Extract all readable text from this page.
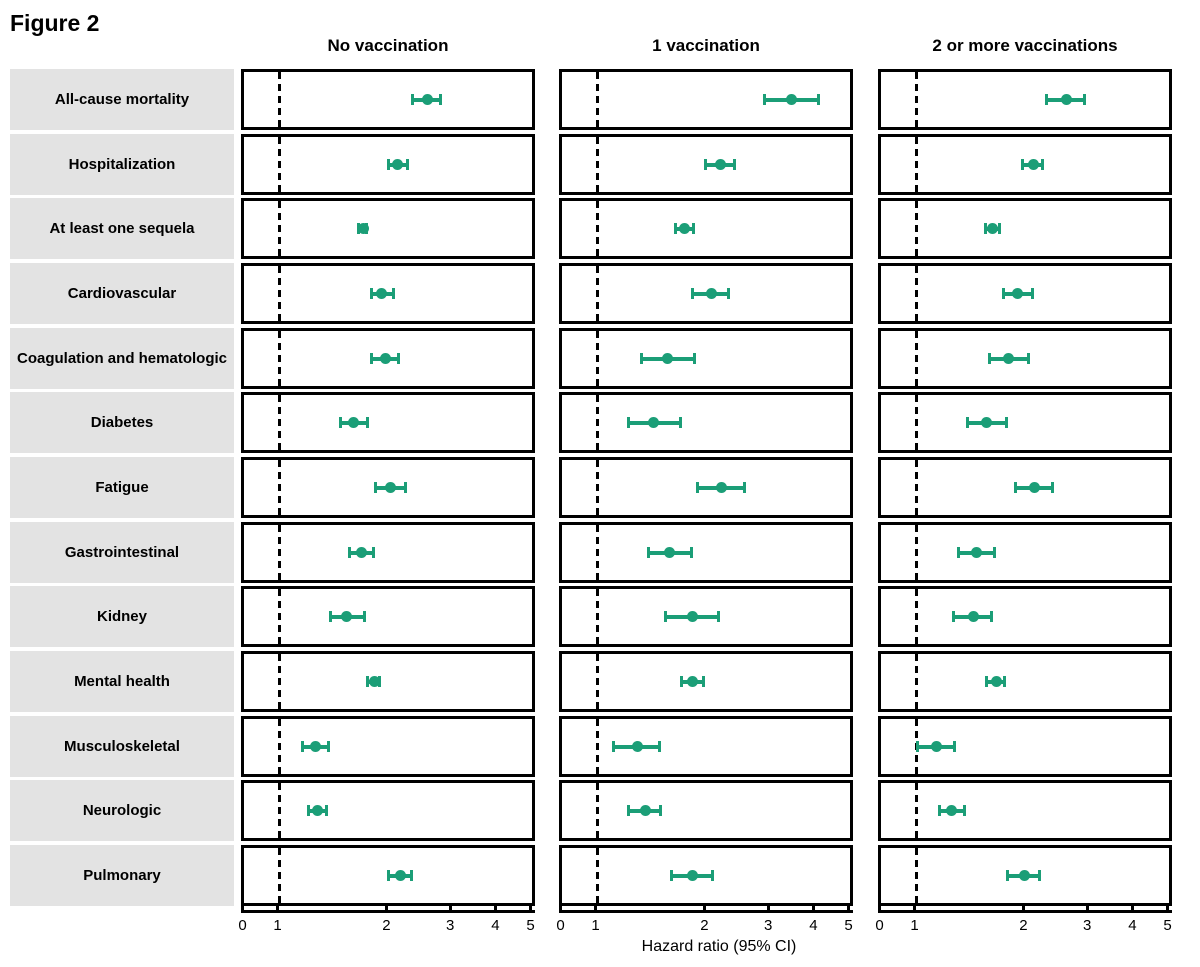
Figure 2
No vaccination	1 vaccination	2 or more vaccinations
All-cause mortality
Hospitalization
At least one sequela
Cardiovascular
Coagulation and hematologic
Diabetes
Fatigue
Gastrointestinal
Kidney
Mental health
Musculoskeletal
Neurologic
Pulmonary
0 1	2	3 4 5 0 1	2	3 4 5 0 1	2	3 4 5
Hazard ratio (95% CI)
